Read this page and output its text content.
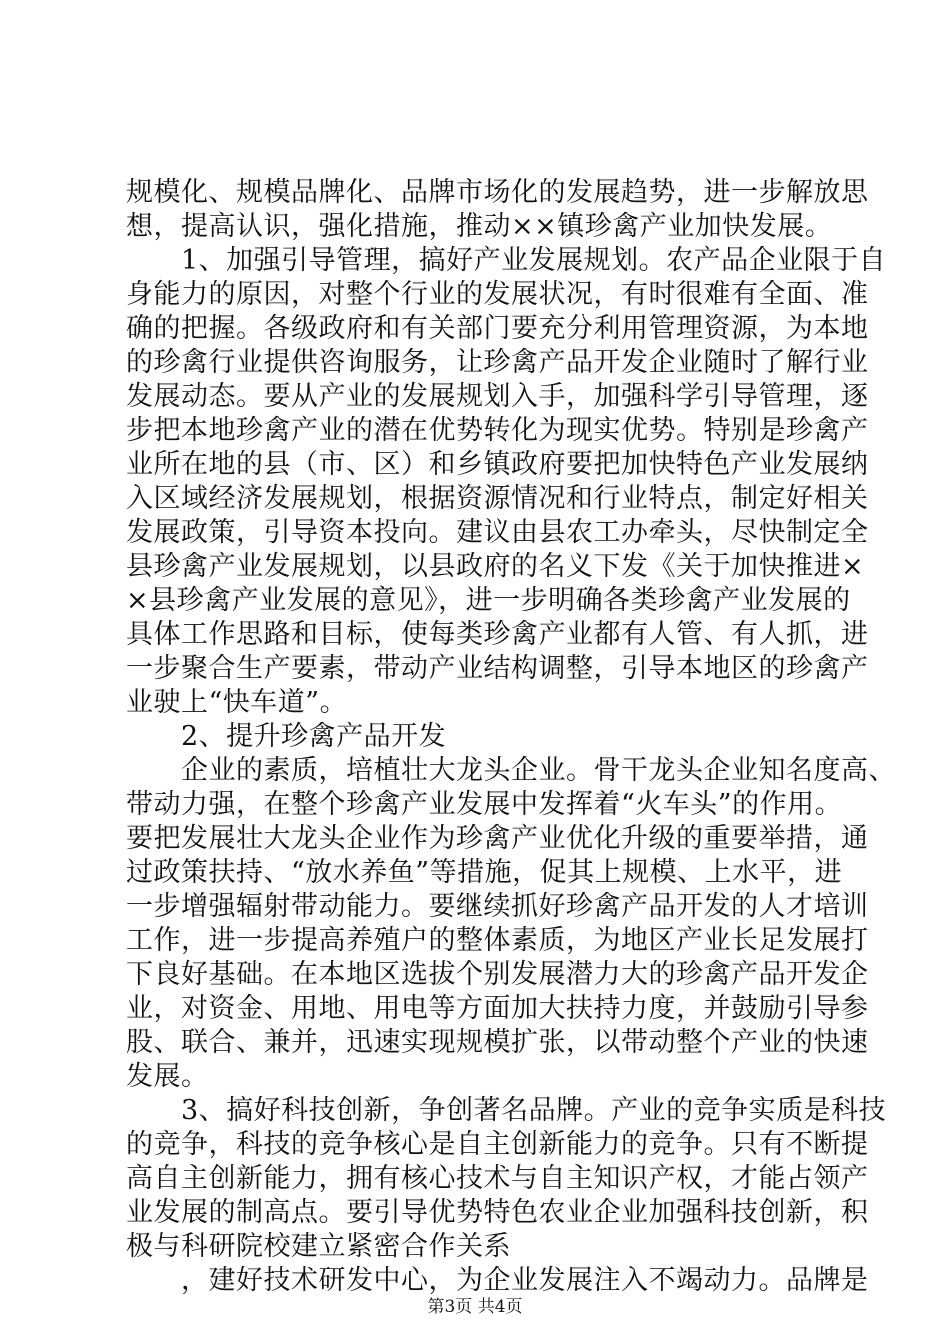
规模化、规模品牌化、品牌市场化的发展趋势，进一步解放思
想，提高认识，强化措施，推动××镇珍禽产业加快发展。
　　1、加强引导管理，搞好产业发展规划。农产品企业限于自
身能力的原因，对整个行业的发展状况，有时很难有全面、准
确的把握。各级政府和有关部门要充分利用管理资源，为本地
的珍禽行业提供咨询服务，让珍禽产品开发企业随时了解行业
发展动态。要从产业的发展规划入手，加强科学引导管理，逐
步把本地珍禽产业的潜在优势转化为现实优势。特别是珍禽产
业所在地的县（市、区）和乡镇政府要把加快特色产业发展纳
入区域经济发展规划，根据资源情况和行业特点，制定好相关
发展政策，引导资本投向。建议由县农工办牵头，尽快制定全
县珍禽产业发展规划，以县政府的名义下发《关于加快推进×
×县珍禽产业发展的意见》，进一步明确各类珍禽产业发展的
具体工作思路和目标，使每类珍禽产业都有人管、有人抓，进
一步聚合生产要素，带动产业结构调整，引导本地区的珍禽产
业驶上“快车道”。
　　2、提升珍禽产品开发
　　企业的素质，培植壮大龙头企业。骨干龙头企业知名度高、
带动力强，在整个珍禽产业发展中发挥着“火车头”的作用。
要把发展壮大龙头企业作为珍禽产业优化升级的重要举措，通
过政策扶持、“放水养鱼”等措施，促其上规模、上水平，进
一步增强辐射带动能力。要继续抓好珍禽产品开发的人才培训
工作，进一步提高养殖户的整体素质，为地区产业长足发展打
下良好基础。在本地区选拔个别发展潜力大的珍禽产品开发企
业，对资金、用地、用电等方面加大扶持力度，并鼓励引导参
股、联合、兼并，迅速实现规模扩张，以带动整个产业的快速
发展。
　　3、搞好科技创新，争创著名品牌。产业的竞争实质是科技
的竞争，科技的竞争核心是自主创新能力的竞争。只有不断提
高自主创新能力，拥有核心技术与自主知识产权，才能占领产
业发展的制高点。要引导优势特色农业企业加强科技创新，积
极与科研院校建立紧密合作关系
　　，建好技术研发中心，为企业发展注入不竭动力。品牌是
第3页 共4页
